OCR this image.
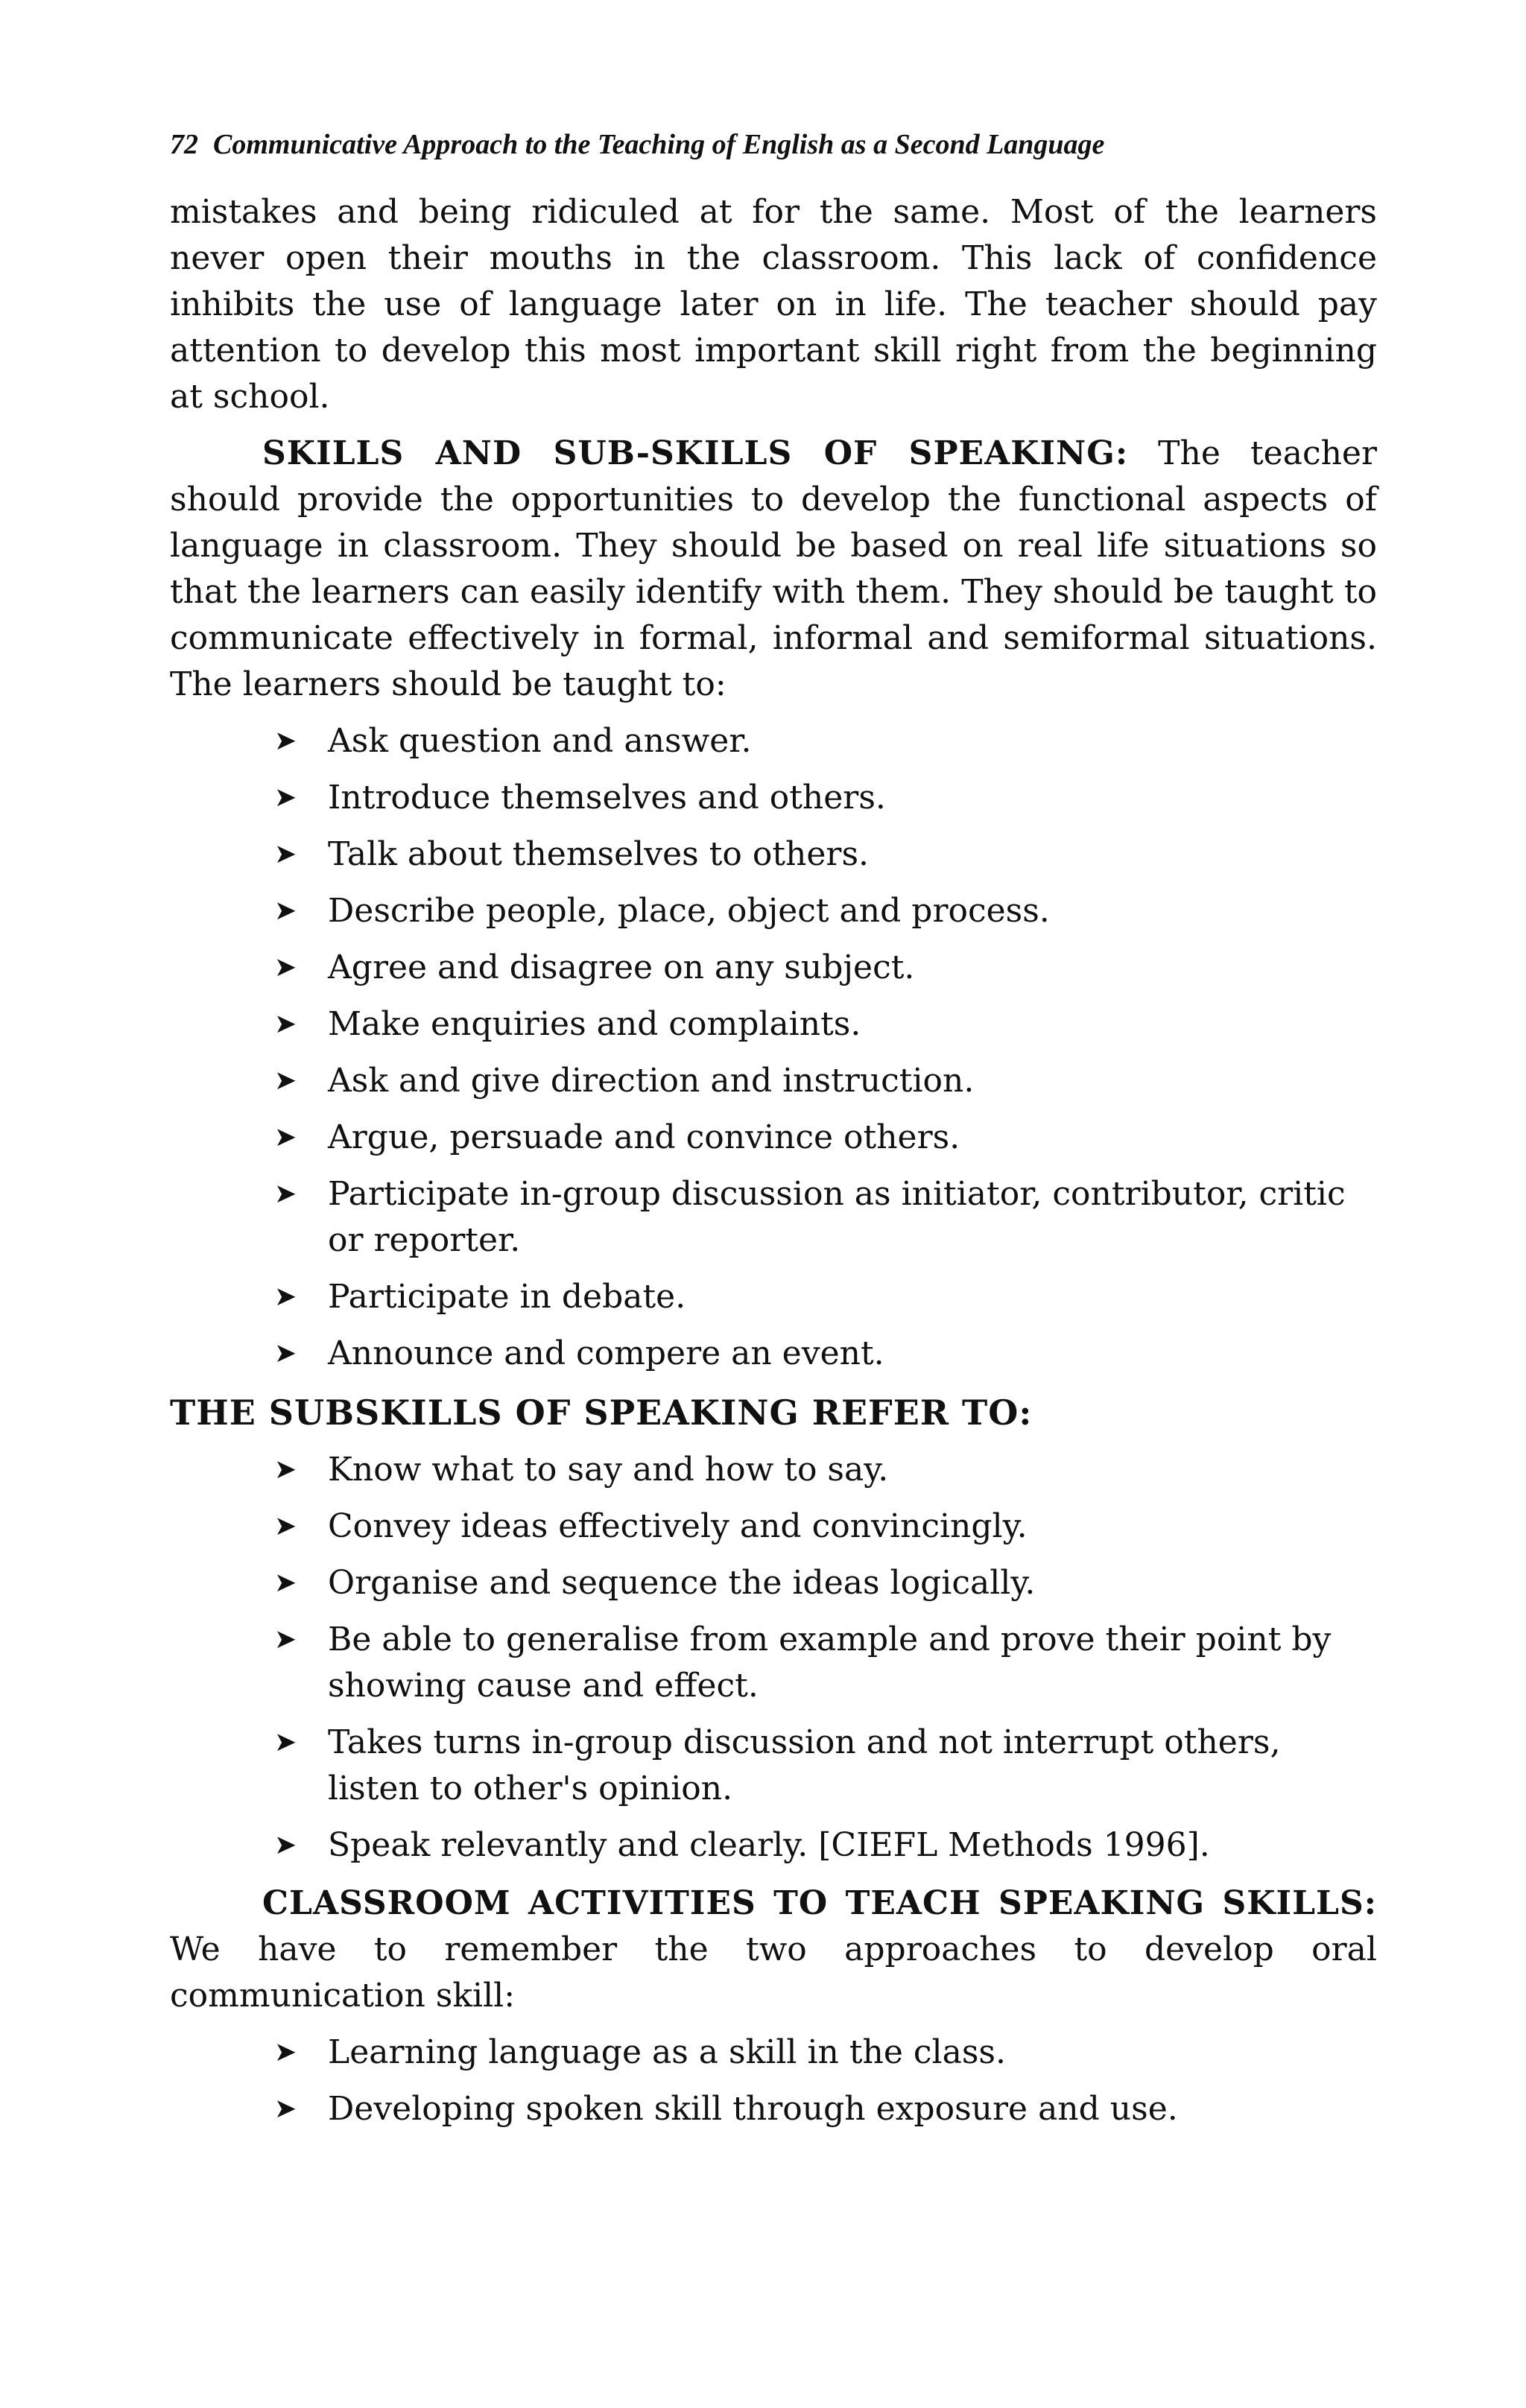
72 Communicative Approach to the Teaching of English as a Second Language

mistakes and being ridiculed at for the same. Most of the learners never open their mouths in the classroom. This lack of confidence inhibits the use of language later on in life. The teacher should pay attention to develop this most important skill right from the beginning at school.

SKILLS AND SUB-SKILLS OF SPEAKING: The teacher should provide the opportunities to develop the functional aspects of language in classroom. They should be based on real life situations so that the learners can easily identify with them. They should be taught to communicate effectively in formal, informal and semiformal situations. The learners should be taught to:

➤ Ask question and answer.
➤ Introduce themselves and others.
➤ Talk about themselves to others.
➤ Describe people, place, object and process.
➤ Agree and disagree on any subject.
➤ Make enquiries and complaints.
➤ Ask and give direction and instruction.
➤ Argue, persuade and convince others.
➤ Participate in-group discussion as initiator, contributor, critic or reporter.
➤ Participate in debate.
➤ Announce and compere an event.
THE SUBSKILLS OF SPEAKING REFER TO:
➤ Know what to say and how to say.
➤ Convey ideas effectively and convincingly.
➤ Organise and sequence the ideas logically.
➤ Be able to generalise from example and prove their point by showing cause and effect.
➤ Takes turns in-group discussion and not interrupt others, listen to other's opinion.
➤ Speak relevantly and clearly. [CIEFL Methods 1996].

CLASSROOM ACTIVITIES TO TEACH SPEAKING SKILLS: We have to remember the two approaches to develop oral communication skill:

➤ Learning language as a skill in the class.
➤ Developing spoken skill through exposure and use.
